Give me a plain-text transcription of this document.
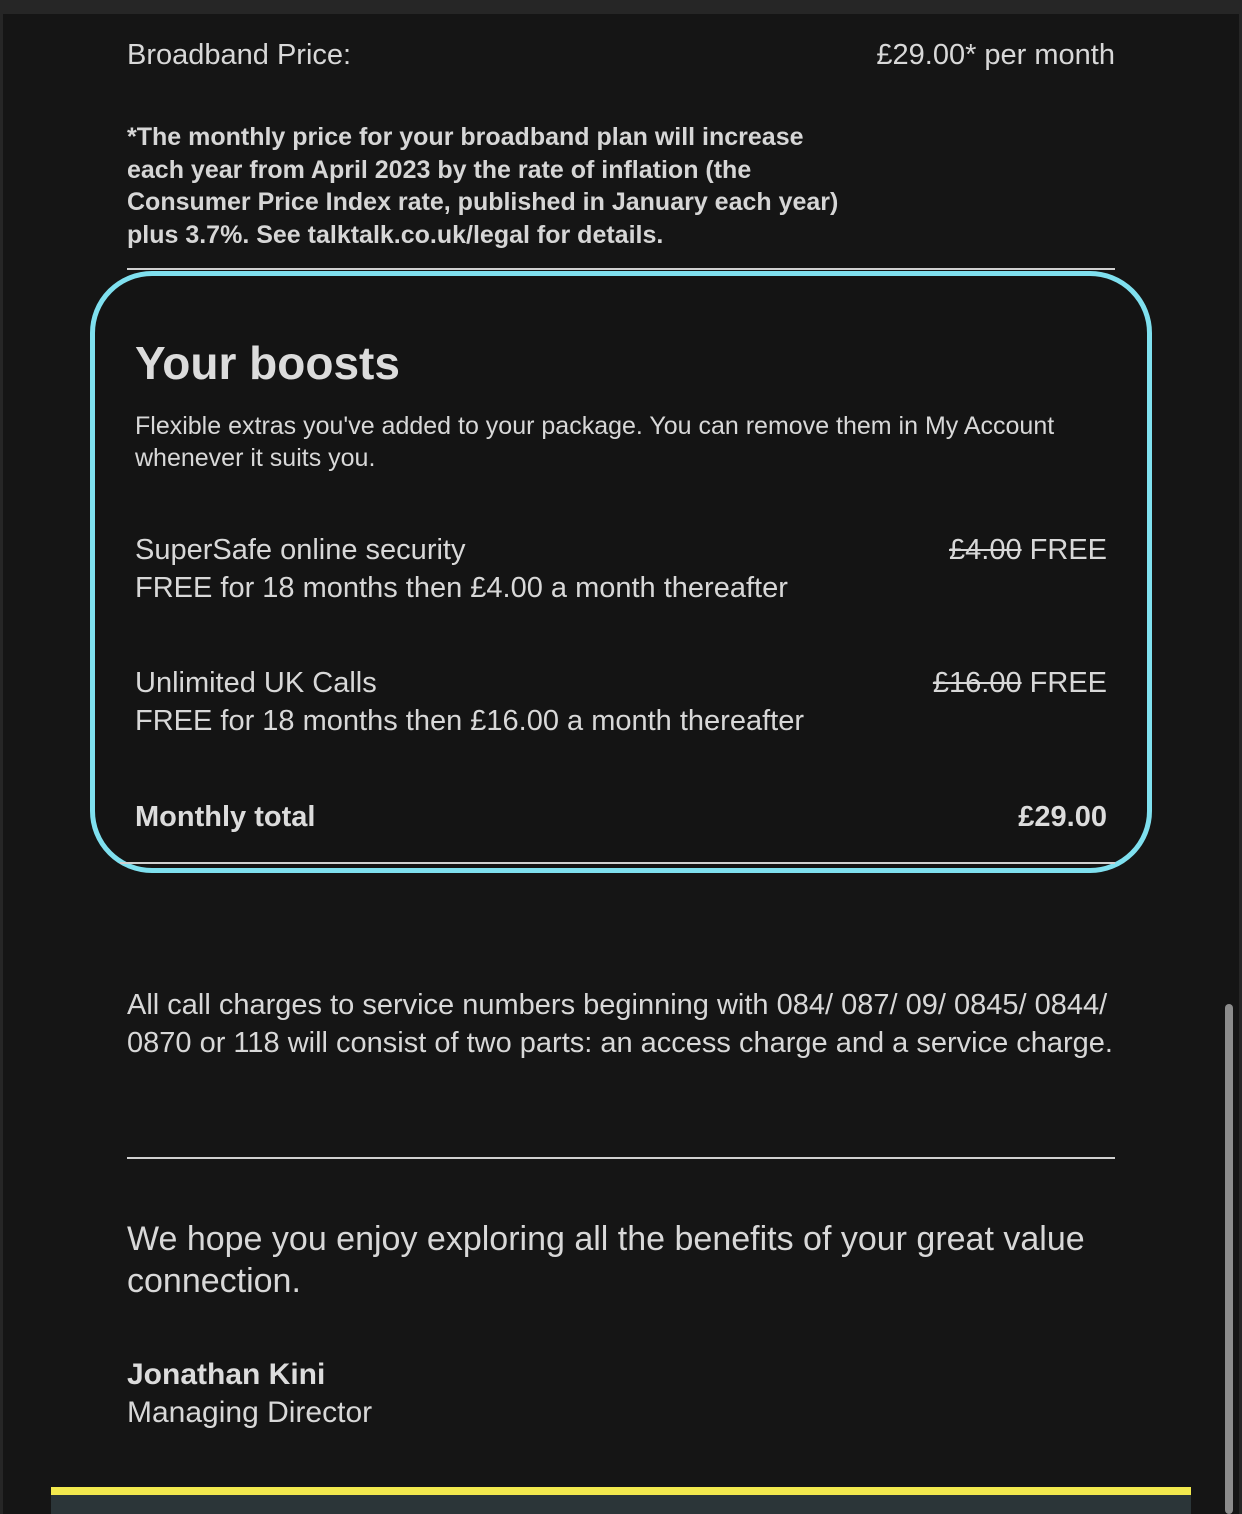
Broadband Price:	£29.00* per month
*The monthly price for your broadband plan will increase each year from April 2023 by the rate of inflation (the Consumer Price Index rate, published in January each year) plus 3.7%. See talktalk.co.uk/legal for details.
Your boosts
Flexible extras you've added to your package. You can remove them in My Account whenever it suits you.
SuperSafe online security
FREE for 18 months then £4.00 a month thereafter
£4.00 FREE
Unlimited UK Calls
FREE for 18 months then £16.00 a month thereafter
£16.00 FREE
Monthly total	£29.00
All call charges to service numbers beginning with 084/ 087/ 09/ 0845/ 0844/ 0870 or 118 will consist of two parts: an access charge and a service charge.
We hope you enjoy exploring all the benefits of your great value connection.
Jonathan Kini
Managing Director
